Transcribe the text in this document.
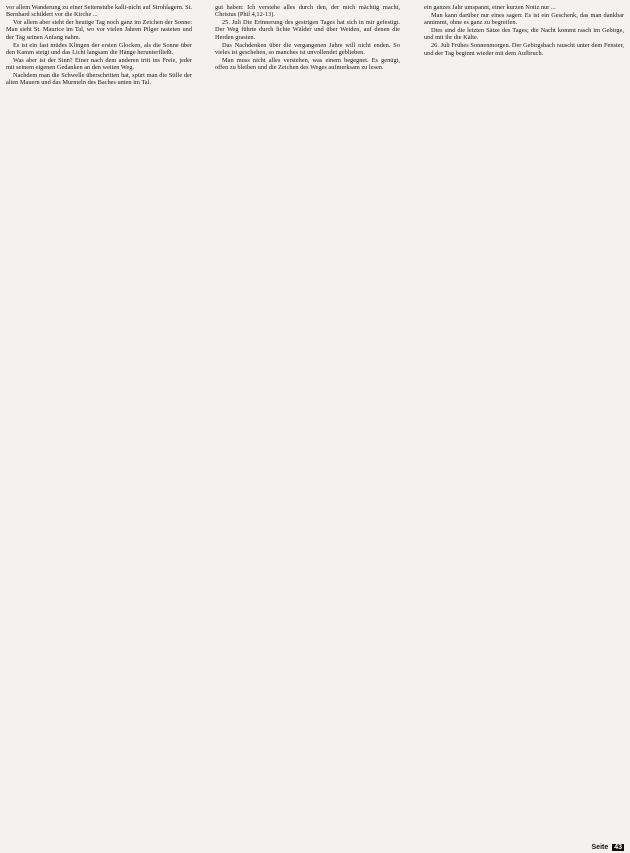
vor allem Wanderung zu einer Seitenstube kalli-nicht auf Strohlagern. St. Bernhard schildert vor die Kirche ...

Vor allem aber steht der heutige Tag noch ganz im Zeichen der Sonne: Man sieht St. Maurice im Tal, wo vor vielen Jahren Pilger rasteten und der Tag seinen Anfang nahm.

Es ist ein fast müdes Klingen der ersten Glocken, als die Sonne über den Kamm steigt und das Licht langsam die Hänge herunterfließt.

Was aber ist der Sinn? Einer nach dem anderen tritt ins Freie, jeder mit seinem eigenen Gedanken an den weiten Weg.

Nachdem man die Schwelle überschritten hat, spürt man die Stille der alten Mauern und das Murmeln des Baches unten im Tal.

gut haben: Ich verstehe alles durch den, der mich mächtig macht, Christus (Phil 4,12-13).

25. Juli Die Erinnerung des gestrigen Tages hat sich in mir gefestigt. Der Weg führte durch lichte Wälder und über Weiden, auf denen die Herden grasten.

Das Nachdenken über die vergangenen Jahre will nicht enden. So vieles ist geschehen, so manches ist unvollendet geblieben.

Man muss nicht alles verstehen, was einem begegnet. Es genügt, offen zu bleiben und die Zeichen des Weges aufmerksam zu lesen.

ein ganzes Jahr umspannt, einer kurzen Notiz nur ...

Man kann darüber nur eines sagen: Es ist ein Geschenk, das man dankbar annimmt, ohne es ganz zu begreifen.

Dies sind die letzten Sätze des Tages; die Nacht kommt rasch im Gebirge, und mit ihr die Kälte.

26. Juli Frühes Sonnenmorgen. Der Gebirgsbach rauscht unter dem Fenster, und der Tag beginnt wieder mit dem Aufbruch.

Seite 43
